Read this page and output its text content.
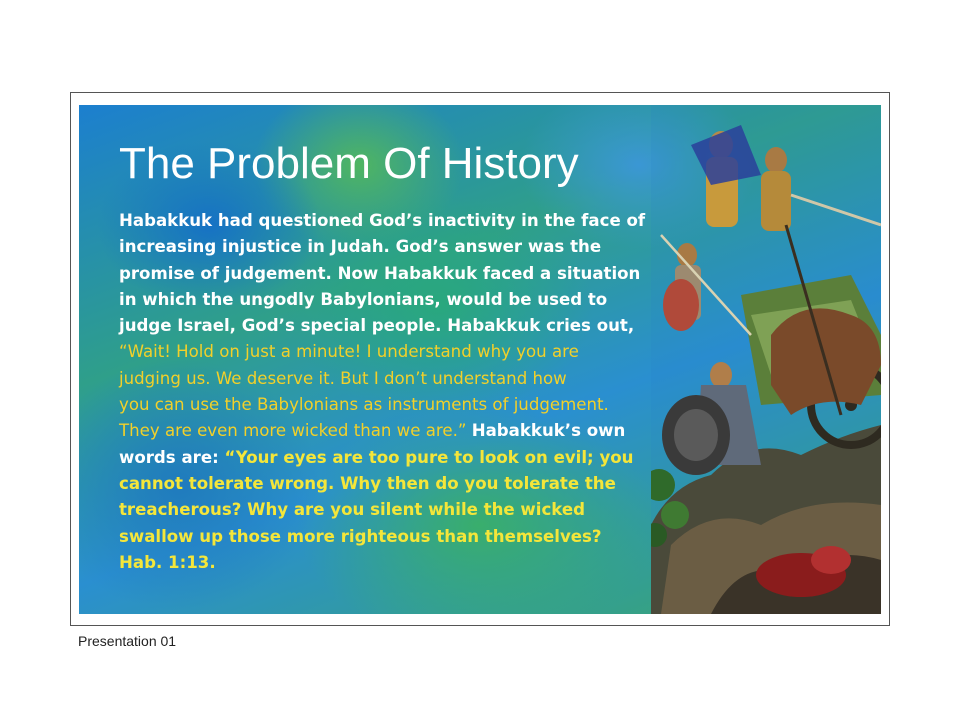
The Problem Of History
Habakkuk had questioned God’s inactivity in the face of
increasing injustice in Judah. God’s answer was the
promise of judgement. Now Habakkuk faced a situation
in which the ungodly Babylonians, would be used to
judge Israel, God’s special people. Habakkuk cries out,
“Wait! Hold on just a minute! I understand why you are
judging us. We deserve it. But I don’t understand how
you can use the Babylonians as instruments of judgement.
They are even more wicked than we are.” Habakkuk’s own
words are: “Your eyes are too pure to look on evil; you
cannot tolerate wrong. Why then do you tolerate the
treacherous? Why are you silent while the wicked
swallow up those more righteous than themselves?
Hab. 1:13.
Presentation 01
